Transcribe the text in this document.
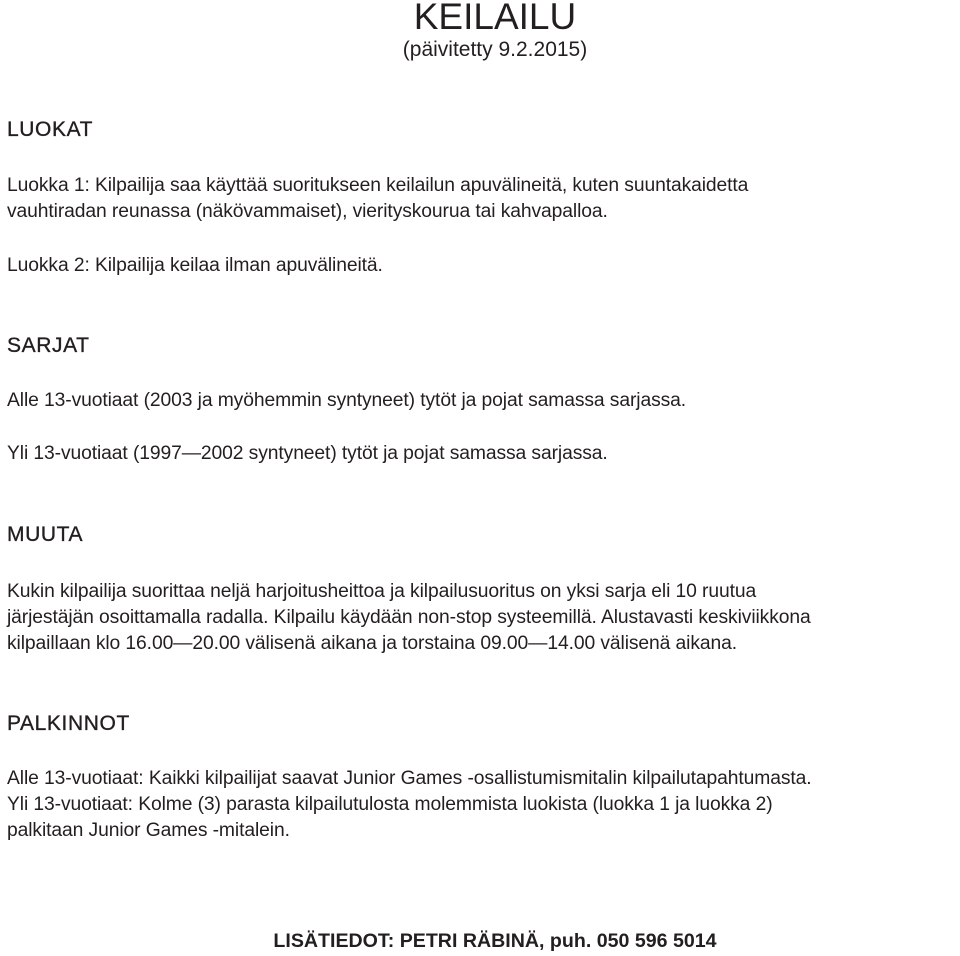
KEILAILU
(päivitetty 9.2.2015)
LUOKAT

Luokka 1: Kilpailija saa käyttää suoritukseen keilailun apuvälineitä, kuten suuntakaidetta
vauhtiradan reunassa (näkövammaiset), vierityskourua tai kahvapalloa.

Luokka 2: Kilpailija keilaa ilman apuvälineitä.

SARJAT

Alle 13-vuotiaat (2003 ja myöhemmin syntyneet) tytöt ja pojat samassa sarjassa.

Yli 13-vuotiaat (1997—2002 syntyneet) tytöt ja pojat samassa sarjassa.

MUUTA

Kukin kilpailija suorittaa neljä harjoitusheittoa ja kilpailusuoritus on yksi sarja eli 10 ruutua
järjestäjän osoittamalla radalla. Kilpailu käydään non-stop systeemillä. Alustavasti keskiviikkona
kilpaillaan klo 16.00—20.00 välisenä aikana ja torstaina 09.00—14.00 välisenä aikana.

PALKINNOT

Alle 13-vuotiaat: Kaikki kilpailijat saavat Junior Games -osallistumismitalin kilpailutapahtumasta.
Yli 13-vuotiaat: Kolme (3) parasta kilpailutulosta molemmista luokista (luokka 1 ja luokka 2)
palkitaan Junior Games -mitalein.

LISÄTIEDOT: PETRI RÄBINÄ, puh. 050 596 5014
